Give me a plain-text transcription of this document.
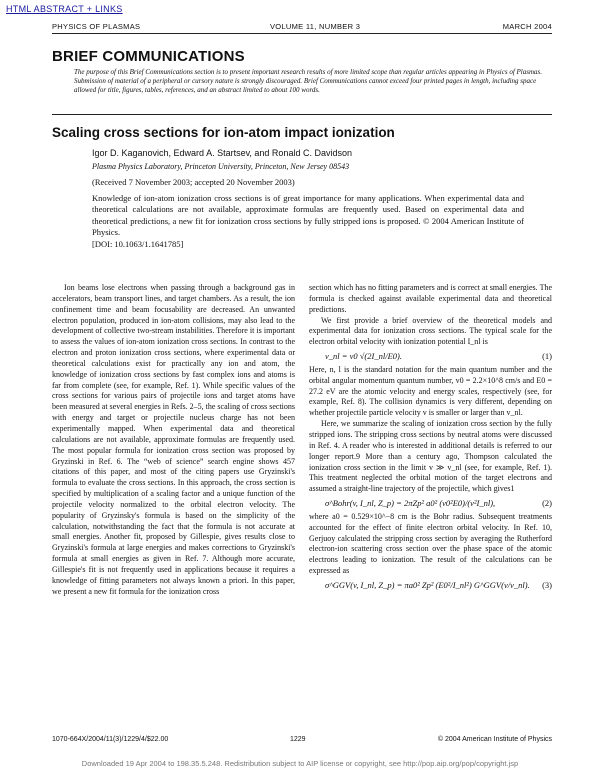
HTML ABSTRACT + LINKS
PHYSICS OF PLASMAS	VOLUME 11, NUMBER 3	MARCH 2004
BRIEF COMMUNICATIONS
The purpose of this Brief Communications section is to present important research results of more limited scope than regular articles appearing in Physics of Plasmas. Submission of material of a peripheral or cursory nature is strongly discouraged. Brief Communications cannot exceed four printed pages in length, including space allowed for title, figures, tables, references, and an abstract limited to about 100 words.
Scaling cross sections for ion-atom impact ionization
Igor D. Kaganovich, Edward A. Startsev, and Ronald C. Davidson
Plasma Physics Laboratory, Princeton University, Princeton, New Jersey 08543
(Received 7 November 2003; accepted 20 November 2003)
Knowledge of ion-atom ionization cross sections is of great importance for many applications. When experimental data and theoretical calculations are not available, approximate formulas are frequently used. Based on experimental data and theoretical predictions, a new fit for ionization cross sections by fully stripped ions is proposed. © 2004 American Institute of Physics.
[DOI: 10.1063/1.1641785]

Ion beams lose electrons when passing through a background gas in accelerators, beam transport lines, and target chambers. As a result, the ion confinement time and beam focusability are decreased. An unwanted electron population, produced in ion-atom collisions, may also lead to the development of collective two-stream instabilities. Therefore it is important to assess the values of ion-atom ionization cross sections. In contrast to the electron and proton ionization cross sections, where experimental data or theoretical calculations exist for practically any ion and atom, the knowledge of ionization cross sections by fast complex ions and atoms is far from complete (see, for example, Ref. 1). While specific values of the cross sections for various pairs of projectile ions and target atoms have been measured at several energies in Refs. 2–5, the scaling of cross sections with energy and target or projectile nucleus charge has not been experimentally mapped. When experimental data and theoretical calculations are not available, approximate formulas are frequently used. The most popular formula for ionization cross section was proposed by Gryzinski in Ref. 6. The “web of science” search engine shows 457 citations of this paper, and most of the citing papers use Gryzinski's formula to evaluate the cross sections. In this approach, the cross section is specified by multiplication of a scaling factor and a unique function of the projectile velocity normalized to the orbital electron velocity. The popularity of Gryzinsky's formula is based on the simplicity of the calculation, notwithstanding the fact that the formula is not accurate at small energies. Another fit, proposed by Gillespie, gives results close to Gryzinski's formula at large energies and makes corrections to Gryzinski's formula at small energies as given in Ref. 7. Although more accurate, Gillespie's fit is not frequently used in applications because it requires a knowledge of fitting parameters not always known a priori. In this paper, we present a new fit formula for the ionization cross

section which has no fitting parameters and is correct at small energies. The formula is checked against available experimental data and theoretical predictions.

We first provide a brief overview of the theoretical models and experimental data for ionization cross sections. The typical scale for the electron orbital velocity with ionization potential I_nl is

v_nl = v0 √(2I_nl/E0).	(1)

Here, n, l is the standard notation for the main quantum number and the orbital angular momentum quantum number, v0 = 2.2×10^8 cm/s and E0 = 27.2 eV are the atomic velocity and energy scales, respectively (see, for example, Ref. 8). The collision dynamics is very different, depending on whether projectile particle velocity v is smaller or larger than v_nl.

Here, we summarize the scaling of ionization cross section by the fully stripped ions. The stripping cross sections by neutral atoms were discussed in Ref. 4. A reader who is interested in additional details is referred to our longer report.9 More than a century ago, Thompson calculated the ionization cross section in the limit v ≫ v_nl (see, for example, Ref. 1). This treatment neglected the orbital motion of the target electrons and assumed a straight-line trajectory of the projectile, which gives1

σ^Bohr(v, I_nl, Z_p) = 2πZp² a0² (v0²E0)/(v²I_nl),	(2)

where a0 = 0.529×10^−8 cm is the Bohr radius. Subsequent treatments accounted for the effect of finite electron orbital velocity. In Ref. 10, Gerjuoy calculated the stripping cross section by averaging the Rutherford electron-ion scattering cross section over the phase space of the atomic electrons leading to ionization. The result of the calculations can be expressed as

σ^GGV(v, I_nl, Z_p) = πa0² Zp² (E0²/I_nl²) G^GGV(v/v_nl). (3)
1070-664X/2004/11(3)/1229/4/$22.00	1229	© 2004 American Institute of Physics
Downloaded 19 Apr 2004 to 198.35.5.248. Redistribution subject to AIP license or copyright, see http://pop.aip.org/pop/copyright.jsp
